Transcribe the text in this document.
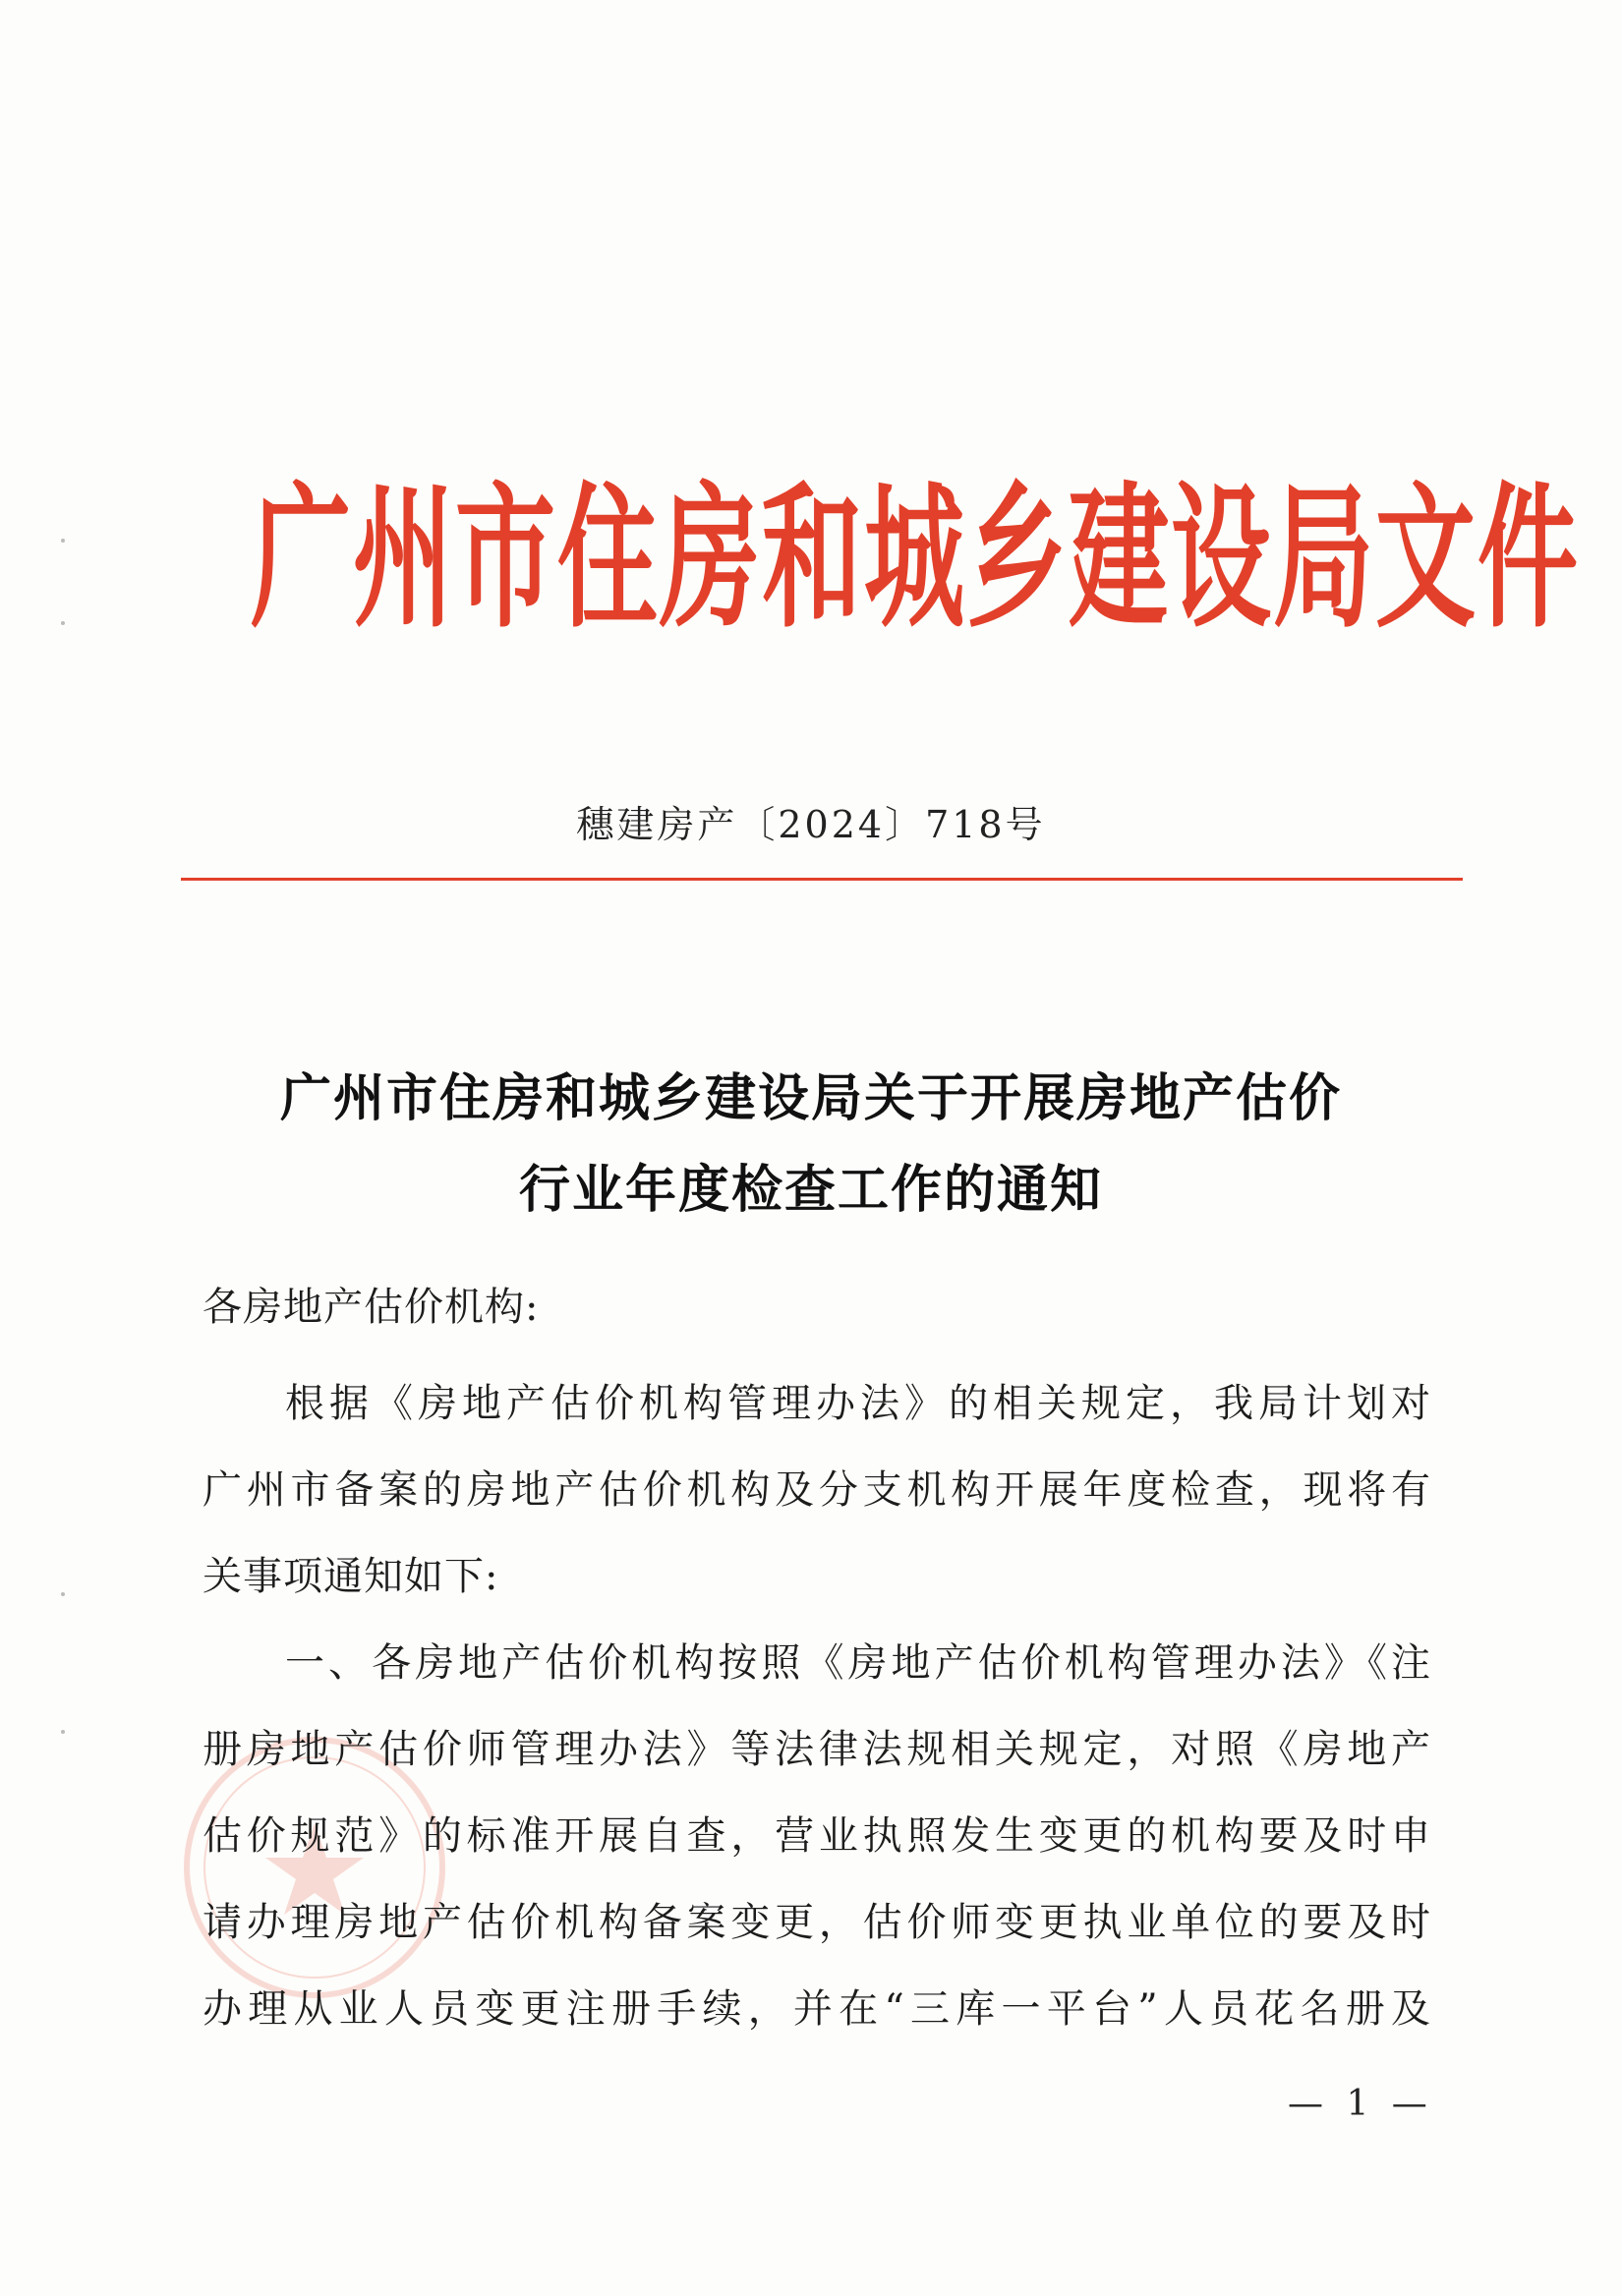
广州市住房和城乡建设局文件
穗建房产〔2024〕718号
广州市住房和城乡建设局关于开展房地产估价
行业年度检查工作的通知
各房地产估价机构:
根据《房地产估价机构管理办法》的相关规定，我局计划对
广州市备案的房地产估价机构及分支机构开展年度检查，现将有
关事项通知如下:
一、各房地产估价机构按照《房地产估价机构管理办法》《注
册房地产估价师管理办法》等法律法规相关规定，对照《房地产
估价规范》的标准开展自查，营业执照发生变更的机构要及时申
请办理房地产估价机构备案变更，估价师变更执业单位的要及时
办理从业人员变更注册手续，并在“三库一平台”人员花名册及
— 1 —
